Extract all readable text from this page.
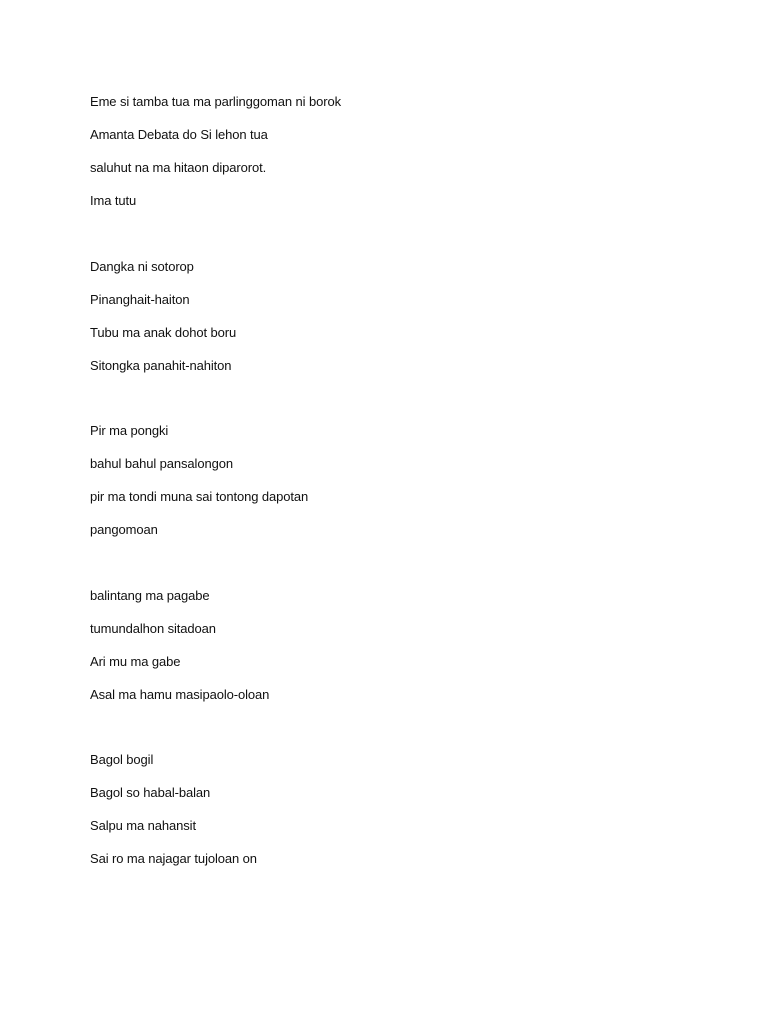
Eme si tamba tua ma parlinggoman ni borok
Amanta Debata do Si lehon tua
saluhut na ma hitaon diparorot.
Ima tutu
Dangka ni sotorop
Pinanghait-haiton
Tubu ma anak dohot boru
Sitongka panahit-nahiton
Pir ma pongki
bahul bahul pansalongon
pir ma tondi muna sai tontong dapotan
pangomoan
balintang ma pagabe
tumundalhon sitadoan
Ari mu ma gabe
Asal ma hamu masipaolo-oloan
Bagol bogil
Bagol so habal-balan
Salpu ma nahansit
Sai ro ma najagar tujoloan on
